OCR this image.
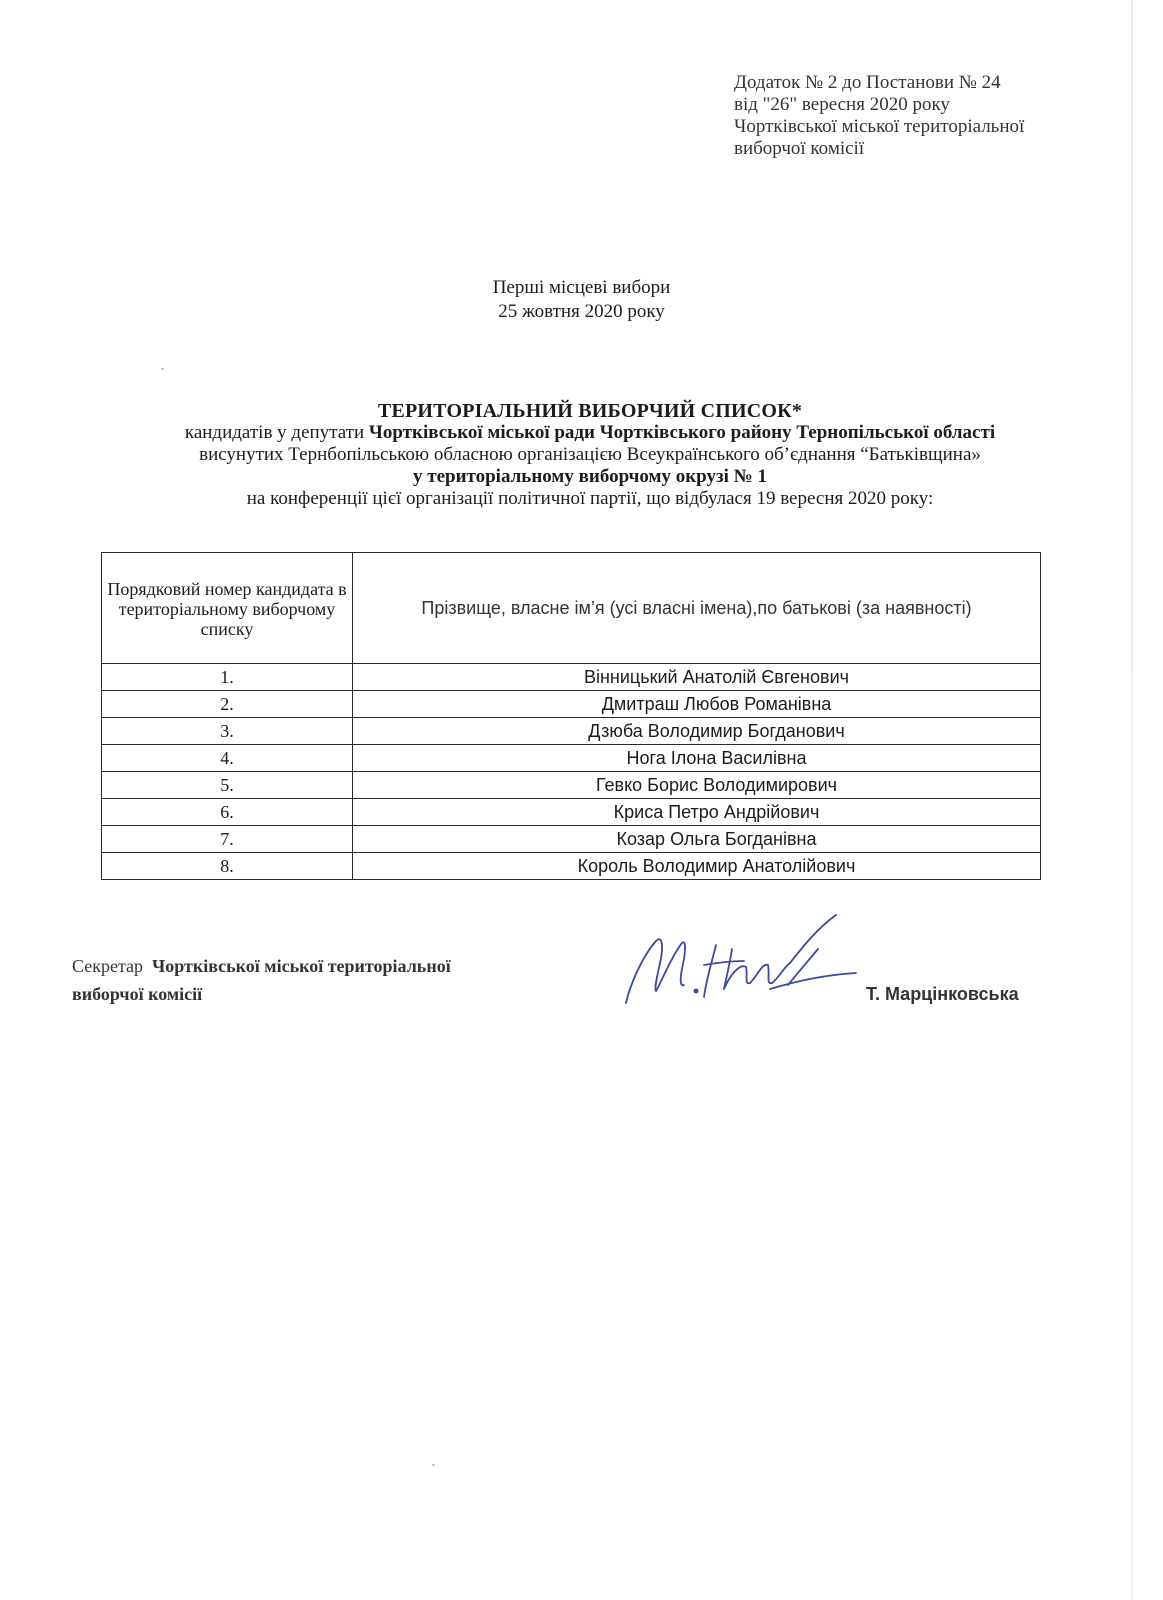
Додаток № 2 до Постанови № 24
від "26" вересня 2020 року
Чортківської міської територіальної
виборчої комісії
Перші місцеві вибори
25 жовтня 2020 року
ТЕРИТОРІАЛЬНИЙ ВИБОРЧИЙ СПИСОК*
кандидатів у депутати Чортківської міської ради Чортківського району Тернопільської області
висунутих Тернбопільською обласною організацією Всеукраїнського об’єднання “Батьківщина»
у територіальному виборчому окрузі № 1
на конференції цієї організації політичної партії, що відбулася 19 вересня 2020 року:
Порядковий номер кандидата в територіальному виборчому списку	Прізвище, власне ім’я (усі власні імена),по батькові (за наявності)
1.	Вінницький Анатолій Євгенович
2.	Дмитраш Любов Романівна
3.	Дзюба Володимир Богданович
4.	Нога Ілона Василівна
5.	Гевко Борис Володимирович
6.	Криса Петро Андрійович
7.	Козар Ольга Богданівна
8.	Король Володимир Анатолійович
Секретар Чортківської міської територіальної
виборчої комісії	Т. Марцінковська
